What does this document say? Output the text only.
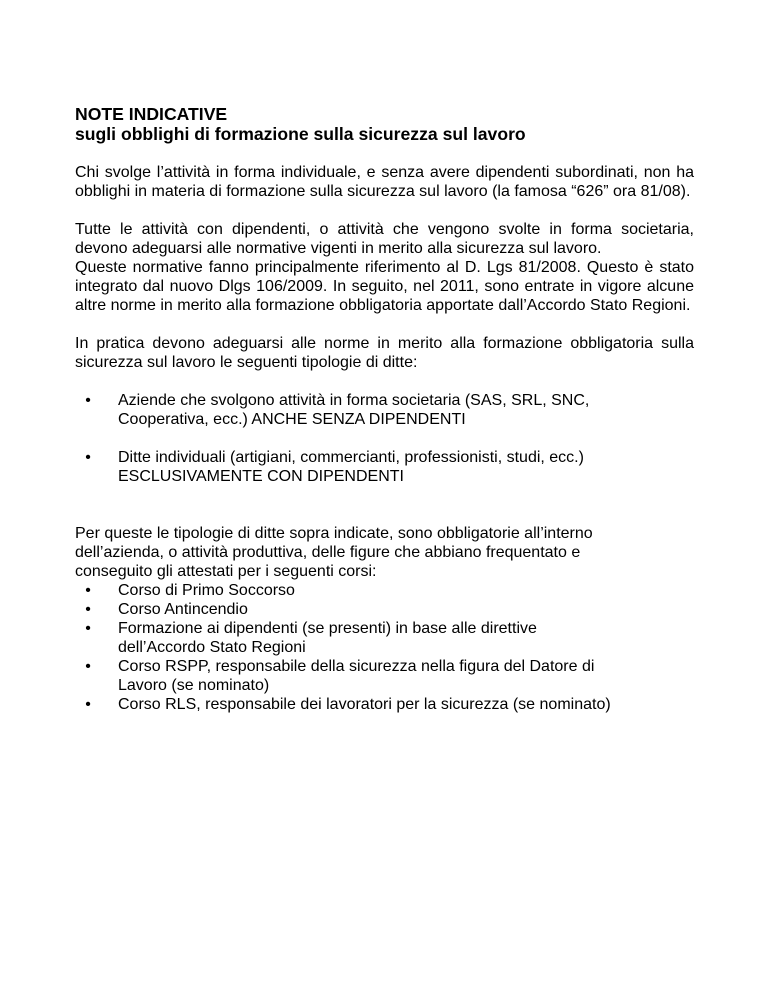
NOTE INDICATIVE
sugli obblighi di formazione sulla sicurezza sul lavoro

Chi svolge l’attività in forma individuale, e senza avere dipendenti subordinati, non ha obblighi in materia di formazione sulla sicurezza sul lavoro (la famosa “626” ora 81/08).

Tutte le attività con dipendenti, o attività che vengono svolte in forma societaria, devono adeguarsi alle normative vigenti in merito alla sicurezza sul lavoro.
Queste normative fanno principalmente riferimento al D. Lgs 81/2008. Questo è stato integrato dal nuovo Dlgs 106/2009. In seguito, nel 2011, sono entrate in vigore alcune altre norme in merito alla formazione obbligatoria apportate dall’Accordo Stato Regioni.

In pratica devono adeguarsi alle norme in merito alla formazione obbligatoria sulla sicurezza sul lavoro le seguenti tipologie di ditte:

• Aziende che svolgono attività in forma societaria (SAS, SRL, SNC,
Cooperativa, ecc.) ANCHE SENZA DIPENDENTI
• Ditte individuali (artigiani, commercianti, professionisti, studi, ecc.)
ESCLUSIVAMENTE CON DIPENDENTI
Per queste le tipologie di ditte sopra indicate, sono obbligatorie all’interno
dell’azienda, o attività produttiva, delle figure che abbiano frequentato e
conseguito gli attestati per i seguenti corsi:
• Corso di Primo Soccorso
• Corso Antincendio
• Formazione ai dipendenti (se presenti) in base alle direttive
dell’Accordo Stato Regioni
• Corso RSPP, responsabile della sicurezza nella figura del Datore di
Lavoro (se nominato)
• Corso RLS, responsabile dei lavoratori per la sicurezza (se nominato)
